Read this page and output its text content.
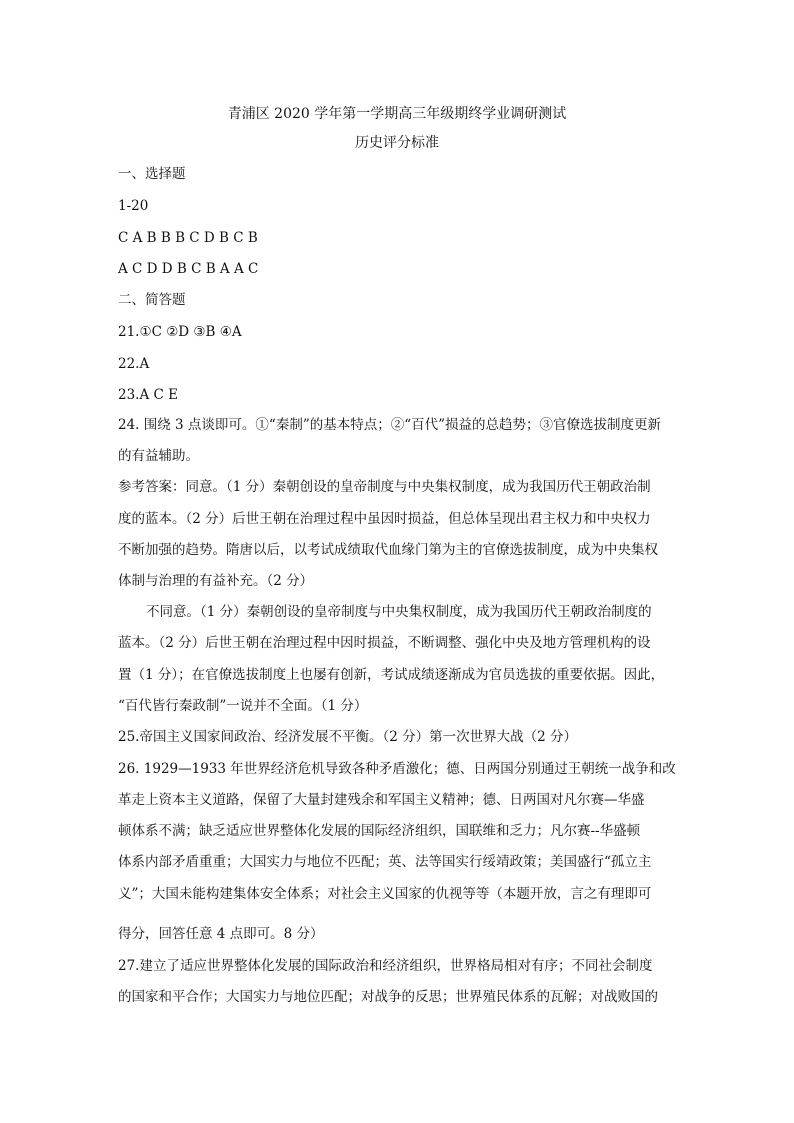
青浦区 2020 学年第一学期高三年级期终学业调研测试
历史评分标准
一、选择题
1-20
C A B B B C D B C B
A C D D B C B A A C
二、简答题
21.①C ②D ③B ④A
22.A
23.A C E
24. 围绕 3 点谈即可。①“秦制”的基本特点；②“百代”损益的总趋势；③官僚选拔制度更新
的有益辅助。
参考答案：同意。（1 分）秦朝创设的皇帝制度与中央集权制度，成为我国历代王朝政治制
度的蓝本。（2 分）后世王朝在治理过程中虽因时损益，但总体呈现出君主权力和中央权力
不断加强的趋势。隋唐以后，以考试成绩取代血缘门第为主的官僚选拔制度，成为中央集权
体制与治理的有益补充。（2 分）
不同意。（1 分）秦朝创设的皇帝制度与中央集权制度，成为我国历代王朝政治制度的
蓝本。（2 分）后世王朝在治理过程中因时损益，不断调整、强化中央及地方管理机构的设
置（1 分）；在官僚选拔制度上也屡有创新，考试成绩逐渐成为官员选拔的重要依据。因此，
“百代皆行秦政制”一说并不全面。（1 分）
25.帝国主义国家间政治、经济发展不平衡。（2 分）第一次世界大战（2 分）
26. 1929—1933 年世界经济危机导致各种矛盾激化；德、日两国分别通过王朝统一战争和改
革走上资本主义道路，保留了大量封建残余和军国主义精神；德、日两国对凡尔赛—华盛
顿体系不满；缺乏适应世界整体化发展的国际经济组织，国联维和乏力；凡尔赛--华盛顿
体系内部矛盾重重；大国实力与地位不匹配；英、法等国实行绥靖政策；美国盛行“孤立主
义”；大国未能构建集体安全体系；对社会主义国家的仇视等等（本题开放，言之有理即可
得分，回答任意 4 点即可。8 分）
27.建立了适应世界整体化发展的国际政治和经济组织，世界格局相对有序；不同社会制度
的国家和平合作；大国实力与地位匹配；对战争的反思；世界殖民体系的瓦解；对战败国的
